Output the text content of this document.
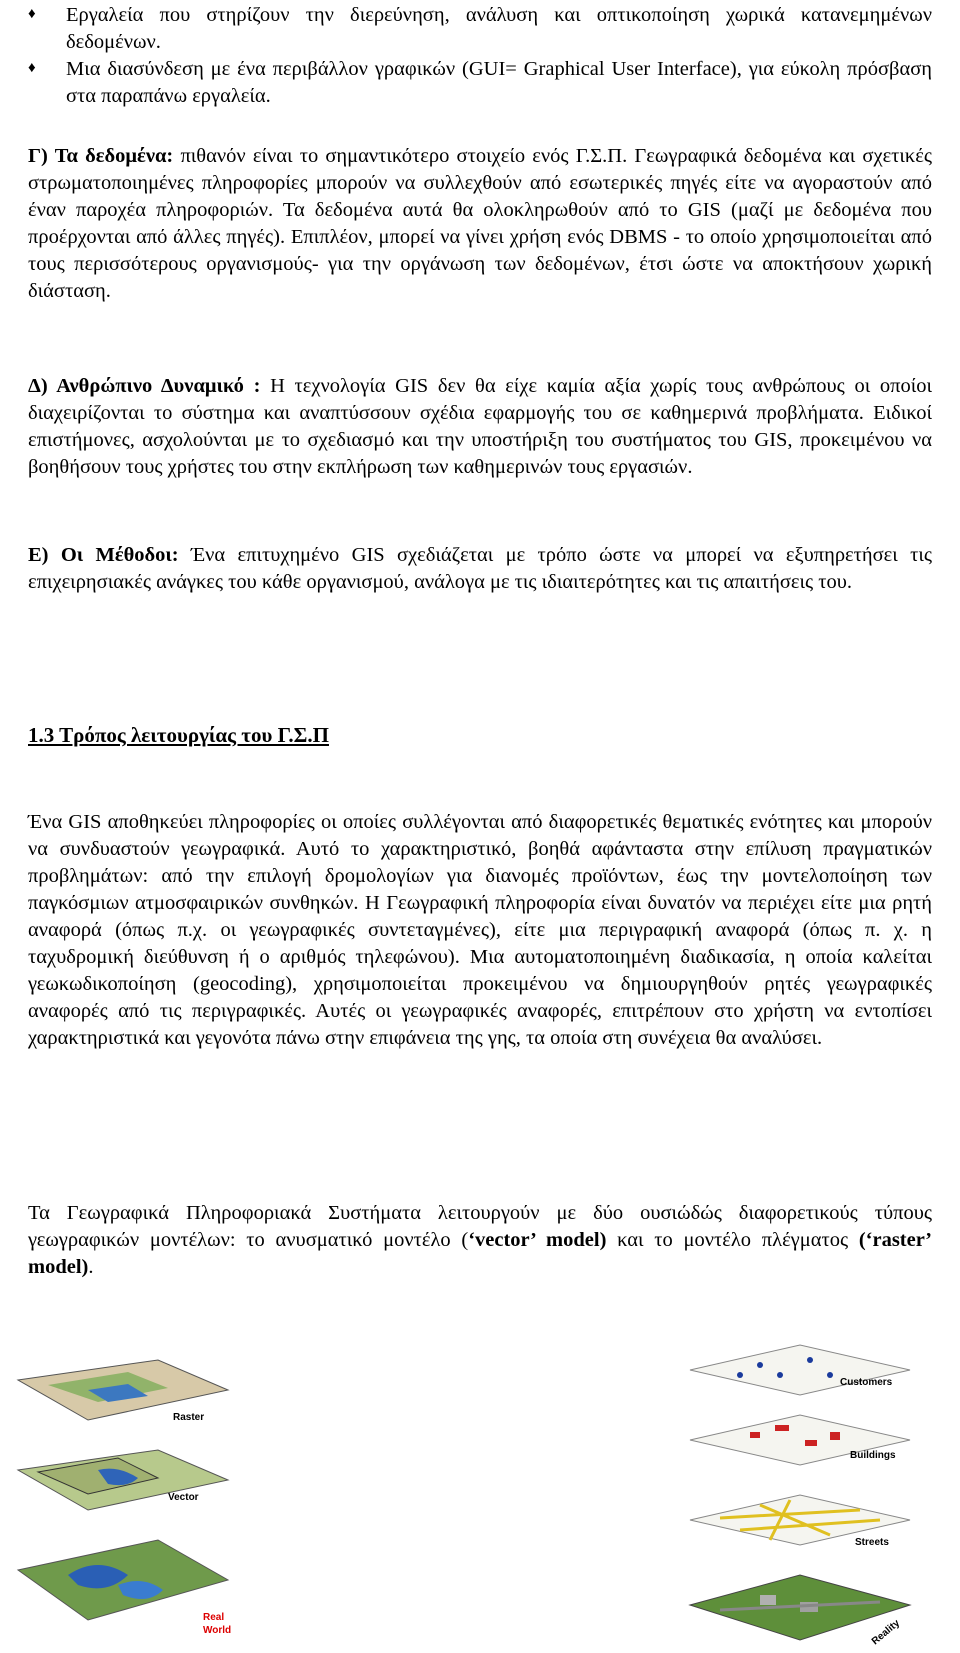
♦	Εργαλεία που στηρίζουν την διερεύνηση, ανάλυση και οπτικοποίηση χωρικά κατανεμημένων δεδομένων.
♦	Μια διασύνδεση με ένα περιβάλλον γραφικών (GUI= Graphical User Interface), για εύκολη πρόσβαση στα παραπάνω εργαλεία.

Γ) Τα δεδομένα: πιθανόν είναι το σημαντικότερο στοιχείο ενός Γ.Σ.Π. Γεωγραφικά δεδομένα και σχετικές στρωματοποιημένες πληροφορίες μπορούν να συλλεχθούν από εσωτερικές πηγές είτε να αγοραστούν από έναν παροχέα πληροφοριών. Τα δεδομένα αυτά θα ολοκληρωθούν από το GIS (μαζί με δεδομένα που προέρχονται από άλλες πηγές). Επιπλέον, μπορεί να γίνει χρήση ενός DBMS - το οποίο χρησιμοποιείται από τους περισσότερους οργανισμούς- για την οργάνωση των δεδομένων, έτσι ώστε να αποκτήσουν χωρική διάσταση.

Δ) Ανθρώπινο Δυναμικό : Η τεχνολογία GIS δεν θα είχε καμία αξία χωρίς τους ανθρώπους οι οποίοι διαχειρίζονται το σύστημα και αναπτύσσουν σχέδια εφαρμογής του σε καθημερινά προβλήματα. Ειδικοί επιστήμονες, ασχολούνται με το σχεδιασμό και την υποστήριξη του συστήματος του GIS, προκειμένου να βοηθήσουν τους χρήστες του στην εκπλήρωση των καθημερινών τους εργασιών.

Ε) Οι Μέθοδοι: Ένα επιτυχημένο GIS σχεδιάζεται με τρόπο ώστε να μπορεί να εξυπηρετήσει τις επιχειρησιακές ανάγκες του κάθε οργανισμού, ανάλογα με τις ιδιαιτερότητες και τις απαιτήσεις του.

1.3 Τρόπος λειτουργίας του Γ.Σ.Π

Ένα GIS αποθηκεύει πληροφορίες οι οποίες συλλέγονται από διαφορετικές θεματικές ενότητες και μπορούν να συνδυαστούν γεωγραφικά. Αυτό το χαρακτηριστικό, βοηθά αφάνταστα στην επίλυση πραγματικών προβλημάτων: από την επιλογή δρομολογίων για διανομές προϊόντων, έως την μοντελοποίηση των παγκόσμιων ατμοσφαιρικών συνθηκών. Η Γεωγραφική πληροφορία είναι δυνατόν να περιέχει είτε μια ρητή αναφορά (όπως π.χ. οι γεωγραφικές συντεταγμένες), είτε μια περιγραφική αναφορά (όπως π. χ. η ταχυδρομική διεύθυνση ή ο αριθμός τηλεφώνου). Μια αυτοματοποιημένη διαδικασία, η οποία καλείται γεωκωδικοποίηση (geocoding), χρησιμοποιείται προκειμένου να δημιουργηθούν ρητές γεωγραφικές αναφορές από τις περιγραφικές. Αυτές οι γεωγραφικές αναφορές, επιτρέπουν στο χρήστη να εντοπίσει χαρακτηριστικά και γεγονότα πάνω στην επιφάνεια της γης, τα οποία στη συνέχεια θα αναλύσει.

Τα Γεωγραφικά Πληροφοριακά Συστήματα λειτουργούν με δύο ουσιώδώς διαφορετικούς τύπους γεωγραφικών μοντέλων: το ανυσματικό μοντέλο (‘vector’ model) και το μοντέλο πλέγματος (‘raster’ model).

Raster
Vector
Real
World
Customers
Buildings
Streets
Reality
